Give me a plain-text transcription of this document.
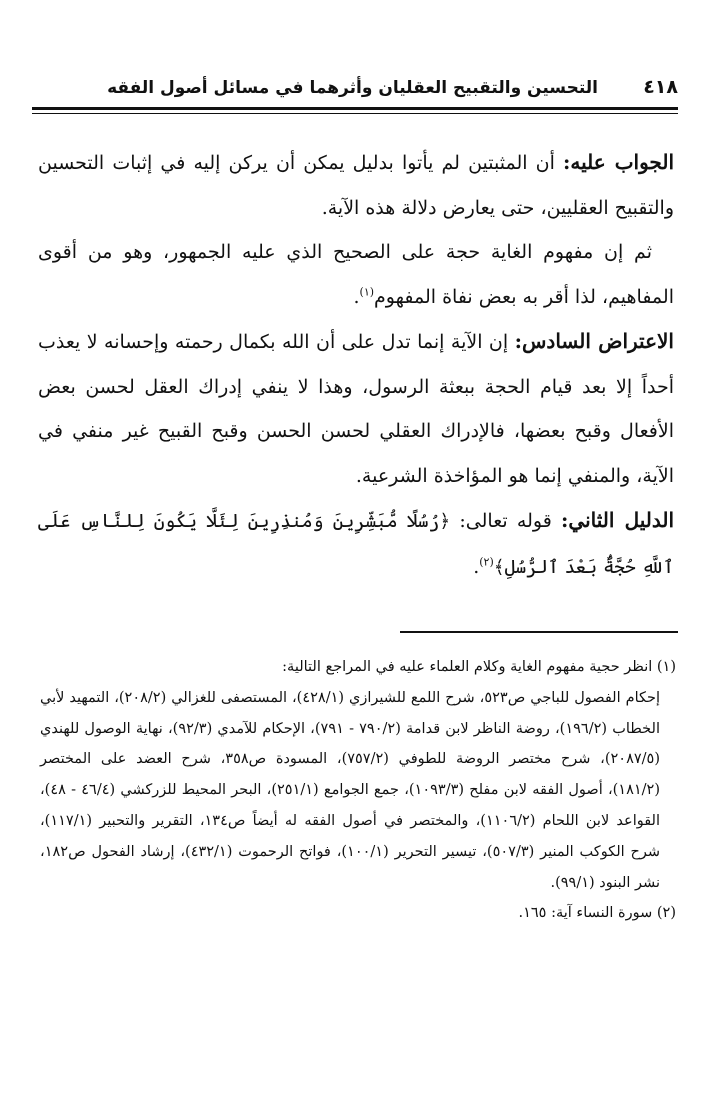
٤١٨
التحسين والتقبيح العقليان وأثرهما في مسائل أصول الفقه

الجواب عليه: أن المثبتين لم يأتوا بدليل يمكن أن يركن إليه في إثبات التحسين والتقبيح العقليين، حتى يعارض دلالة هذه الآية.

ثم إن مفهوم الغاية حجة على الصحيح الذي عليه الجمهور، وهو من أقوى المفاهيم، لذا أقر به بعض نفاة المفهوم$^{(١)}$.

الاعتراض السادس: إن الآية إنما تدل على أن الله بكمال رحمته وإحسانه لا يعذب أحداً إلا بعد قيام الحجة ببعثة الرسول، وهذا لا ينفي إدراك العقل لحسن بعض الأفعال وقبح بعضها، فالإدراك العقلي لحسن الحسن وقبح القبيح غير منفي في الآية، والمنفي إنما هو المؤاخذة الشرعية.

الدليل الثاني: قوله تعالى: ﴿رُسُلًا مُّبَشِّرِينَ وَمُنذِرِينَ لِئَلَّا يَكُونَ لِلنَّاسِ عَلَى ٱللَّهِ حُجَّةٌۢ بَعْدَ ٱلرُّسُلِ﴾$^{(٢)}$.

(١) انظر حجية مفهوم الغاية وكلام العلماء عليه في المراجع التالية:

إحكام الفصول للباجي ص٥٢٣، شرح اللمع للشيرازي (٤٢٨/١)، المستصفى للغزالي (٢٠٨/٢)، التمهيد لأبي الخطاب (١٩٦/٢)، روضة الناظر لابن قدامة (٧٩٠/٢ - ٧٩١)، الإحكام للآمدي (٩٢/٣)، نهاية الوصول للهندي (٢٠٨٧/٥)، شرح مختصر الروضة للطوفي (٧٥٧/٢)، المسودة ص٣٥٨، شرح العضد على المختصر (١٨١/٢)، أصول الفقه لابن مفلح (١٠٩٣/٣)، جمع الجوامع (٢٥١/١)، البحر المحيط للزركشي (٤٦/٤ - ٤٨)، القواعد لابن اللحام (١١٠٦/٢)، والمختصر في أصول الفقه له أيضاً ص١٣٤، التقرير والتحبير (١١٧/١)، شرح الكوكب المنير (٥٠٧/٣)، تيسير التحرير (١٠٠/١)، فواتح الرحموت (٤٣٢/١)، إرشاد الفحول ص١٨٢، نشر البنود (٩٩/١).

(٢) سورة النساء آية: ١٦٥.
